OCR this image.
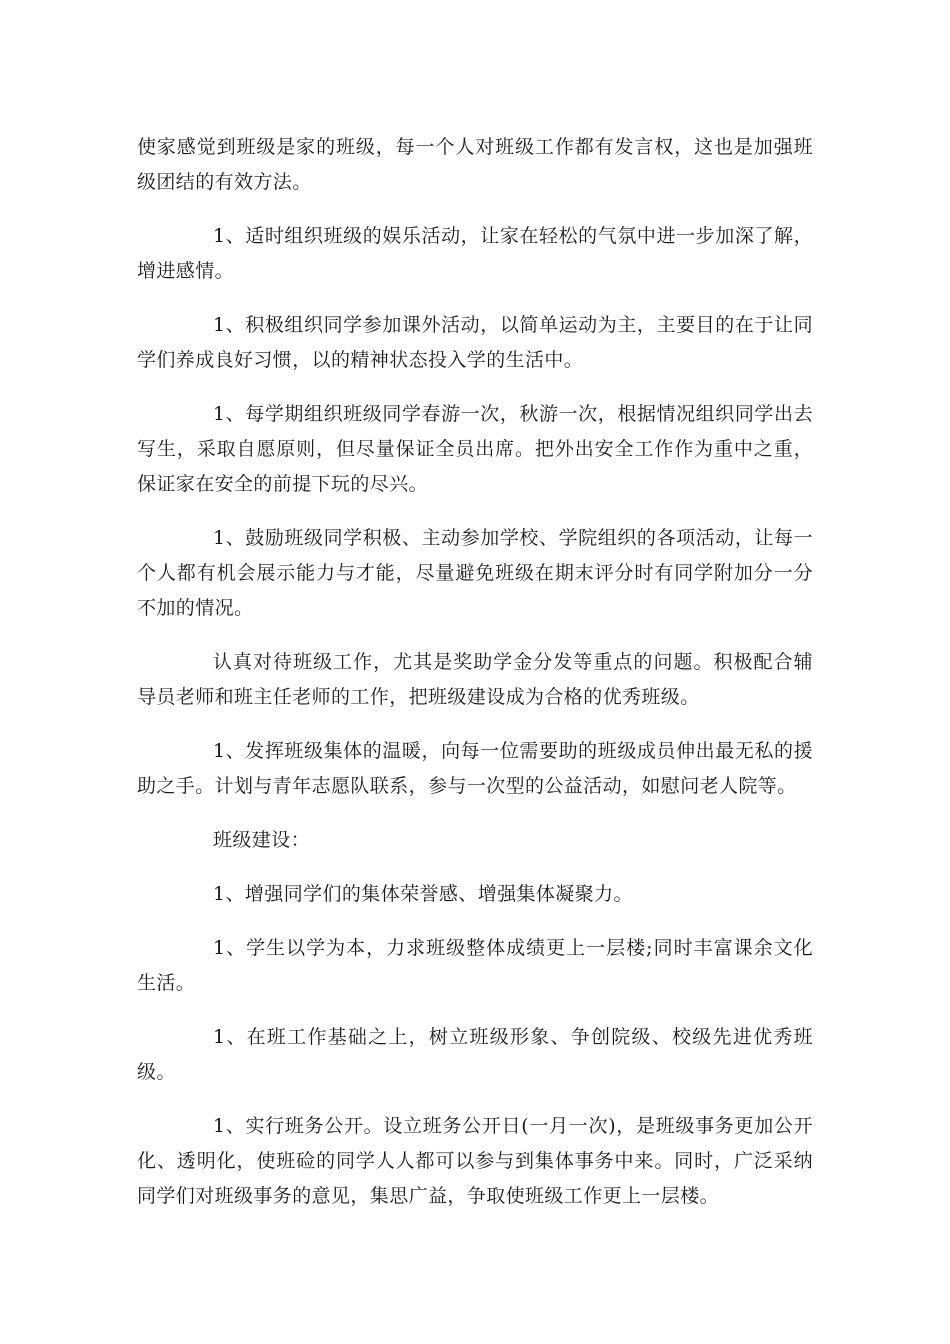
使家感觉到班级是家的班级，每一个人对班级工作都有发言权，这也是加强班级团结的有效方法。

1、适时组织班级的娱乐活动，让家在轻松的气氛中进一步加深了解，增进感情。

1、积极组织同学参加课外活动，以简单运动为主，主要目的在于让同学们养成良好习惯，以的精神状态投入学的生活中。

1、每学期组织班级同学春游一次，秋游一次，根据情况组织同学出去写生，采取自愿原则，但尽量保证全员出席。把外出安全工作作为重中之重，保证家在安全的前提下玩的尽兴。

1、鼓励班级同学积极、主动参加学校、学院组织的各项活动，让每一个人都有机会展示能力与才能，尽量避免班级在期末评分时有同学附加分一分不加的情况。

认真对待班级工作，尤其是奖助学金分发等重点的问题。积极配合辅导员老师和班主任老师的工作，把班级建设成为合格的优秀班级。

1、发挥班级集体的温暖，向每一位需要助的班级成员伸出最无私的援助之手。计划与青年志愿队联系，参与一次型的公益活动，如慰问老人院等。

班级建设：

1、增强同学们的集体荣誉感、增强集体凝聚力。

1、学生以学为本，力求班级整体成绩更上一层楼;同时丰富课余文化生活。

1、在班工作基础之上，树立班级形象、争创院级、校级先进优秀班级。

1、实行班务公开。设立班务公开日(一月一次)，是班级事务更加公开化、透明化，使班硷的同学人人都可以参与到集体事务中来。同时，广泛采纳同学们对班级事务的意见，集思广益，争取使班级工作更上一层楼。
